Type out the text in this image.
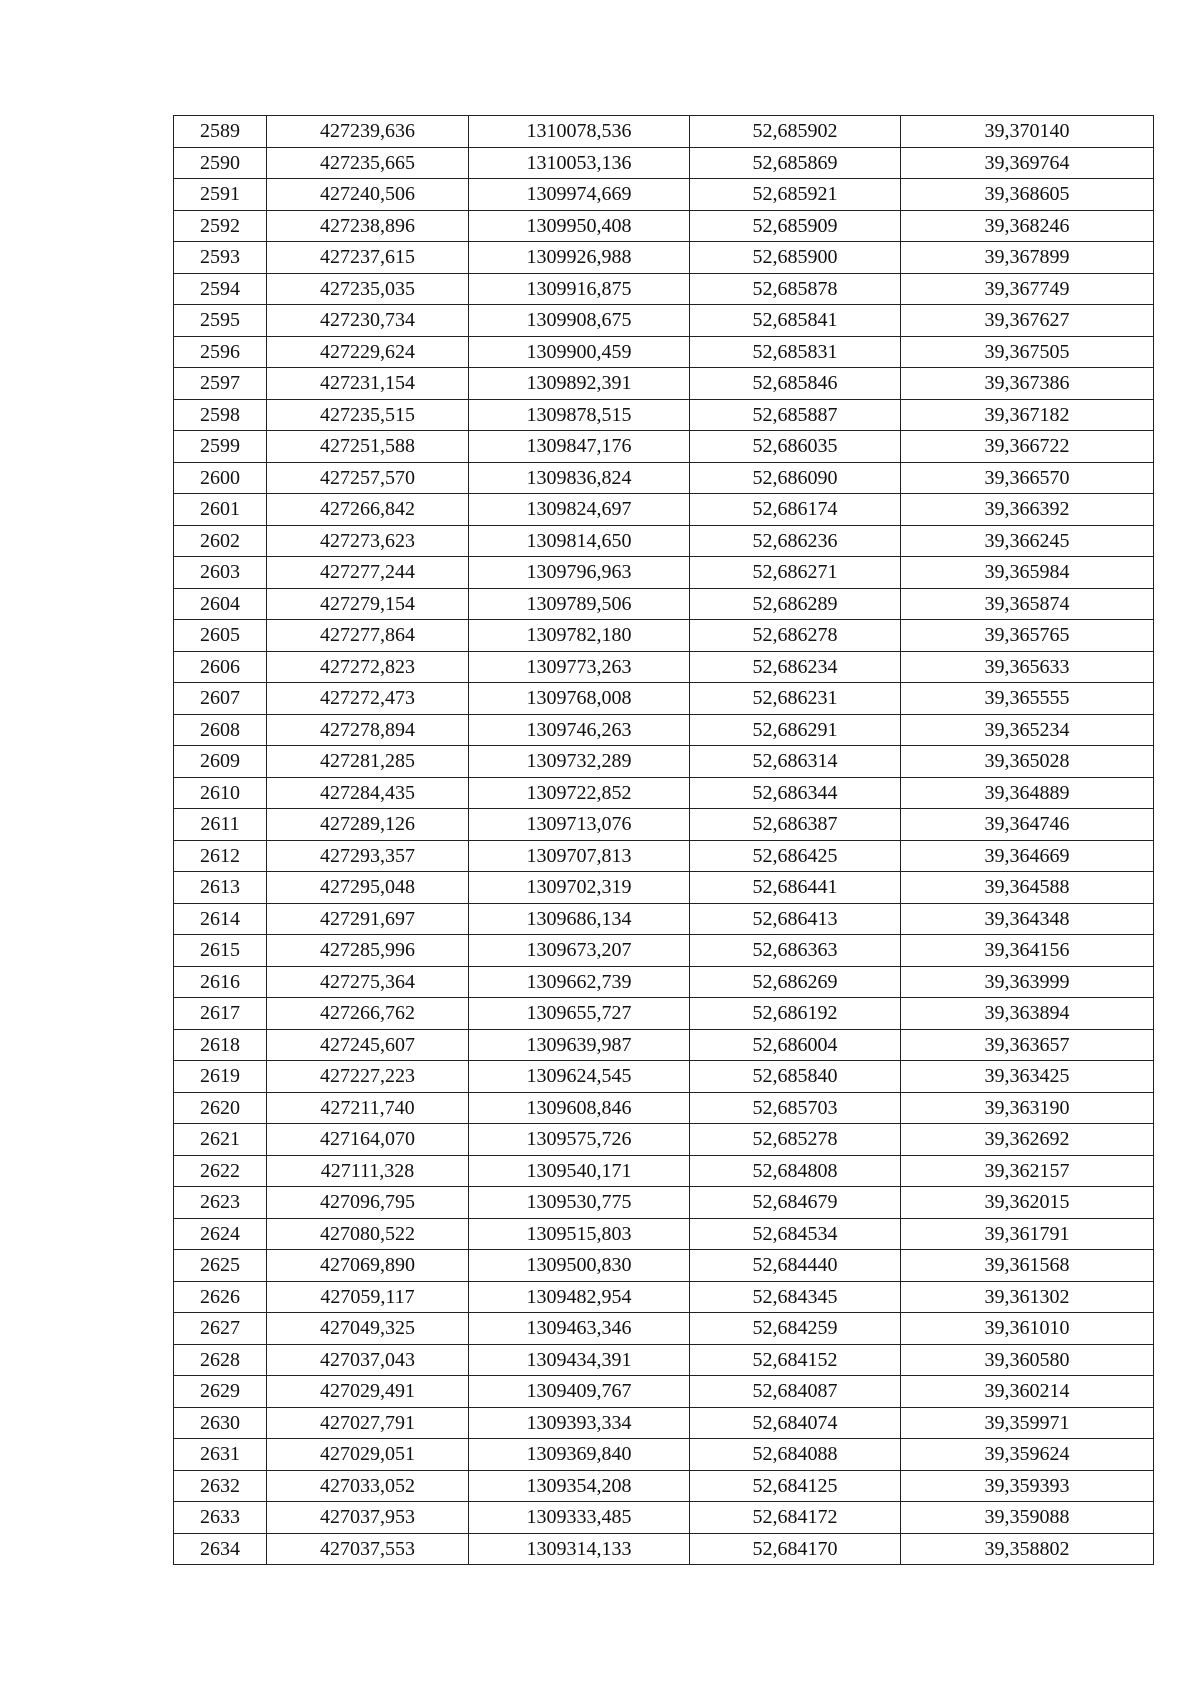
2589	427239,636	1310078,536	52,685902	39,370140
2590	427235,665	1310053,136	52,685869	39,369764
2591	427240,506	1309974,669	52,685921	39,368605
2592	427238,896	1309950,408	52,685909	39,368246
2593	427237,615	1309926,988	52,685900	39,367899
2594	427235,035	1309916,875	52,685878	39,367749
2595	427230,734	1309908,675	52,685841	39,367627
2596	427229,624	1309900,459	52,685831	39,367505
2597	427231,154	1309892,391	52,685846	39,367386
2598	427235,515	1309878,515	52,685887	39,367182
2599	427251,588	1309847,176	52,686035	39,366722
2600	427257,570	1309836,824	52,686090	39,366570
2601	427266,842	1309824,697	52,686174	39,366392
2602	427273,623	1309814,650	52,686236	39,366245
2603	427277,244	1309796,963	52,686271	39,365984
2604	427279,154	1309789,506	52,686289	39,365874
2605	427277,864	1309782,180	52,686278	39,365765
2606	427272,823	1309773,263	52,686234	39,365633
2607	427272,473	1309768,008	52,686231	39,365555
2608	427278,894	1309746,263	52,686291	39,365234
2609	427281,285	1309732,289	52,686314	39,365028
2610	427284,435	1309722,852	52,686344	39,364889
2611	427289,126	1309713,076	52,686387	39,364746
2612	427293,357	1309707,813	52,686425	39,364669
2613	427295,048	1309702,319	52,686441	39,364588
2614	427291,697	1309686,134	52,686413	39,364348
2615	427285,996	1309673,207	52,686363	39,364156
2616	427275,364	1309662,739	52,686269	39,363999
2617	427266,762	1309655,727	52,686192	39,363894
2618	427245,607	1309639,987	52,686004	39,363657
2619	427227,223	1309624,545	52,685840	39,363425
2620	427211,740	1309608,846	52,685703	39,363190
2621	427164,070	1309575,726	52,685278	39,362692
2622	427111,328	1309540,171	52,684808	39,362157
2623	427096,795	1309530,775	52,684679	39,362015
2624	427080,522	1309515,803	52,684534	39,361791
2625	427069,890	1309500,830	52,684440	39,361568
2626	427059,117	1309482,954	52,684345	39,361302
2627	427049,325	1309463,346	52,684259	39,361010
2628	427037,043	1309434,391	52,684152	39,360580
2629	427029,491	1309409,767	52,684087	39,360214
2630	427027,791	1309393,334	52,684074	39,359971
2631	427029,051	1309369,840	52,684088	39,359624
2632	427033,052	1309354,208	52,684125	39,359393
2633	427037,953	1309333,485	52,684172	39,359088
2634	427037,553	1309314,133	52,684170	39,358802
